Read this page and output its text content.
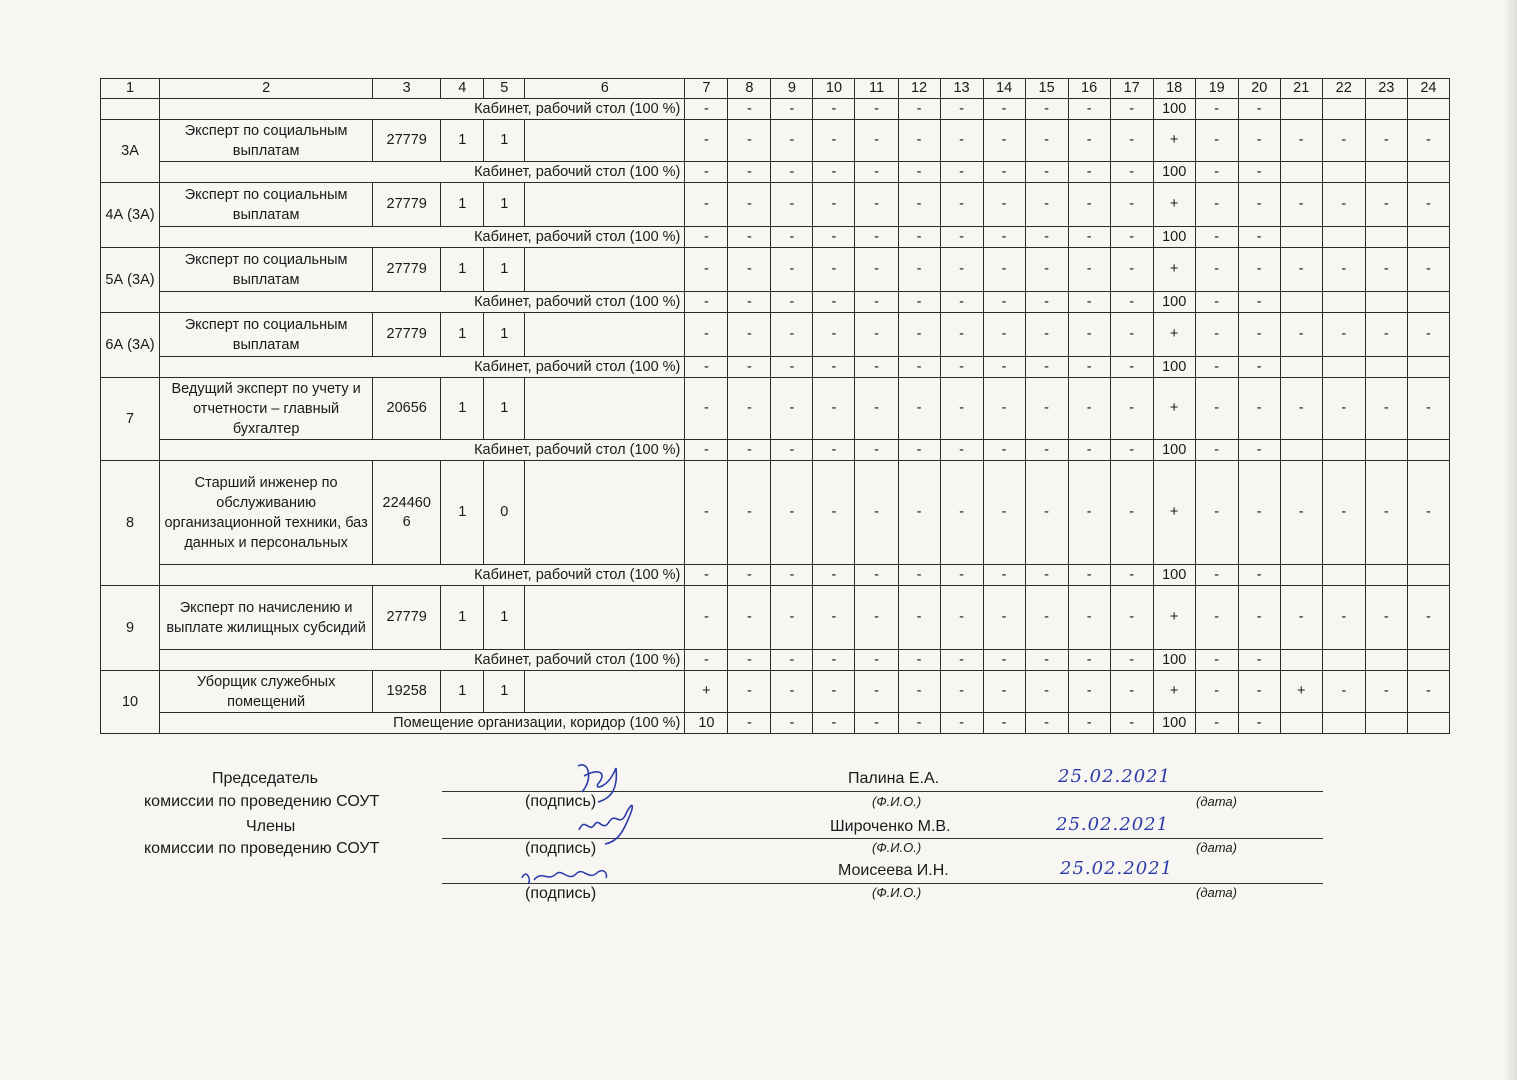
1	2	3	4	5	6	7	8	9	10	11	12	13	14	15	16	17	18	19	20	21	22	23	24
	Кабинет, рабочий стол (100 %)					-	-	-	-	-	-	-	-	-	-	-	100	-	-				
3А	Эксперт по социальным выплатам	27779	1	1		-	-	-	-	-	-	-	-	-	-	-	+	-	-	-	-	-	-
	Кабинет, рабочий стол (100 %)					-	-	-	-	-	-	-	-	-	-	-	100	-	-				
4А (3А)	Эксперт по социальным выплатам	27779	1	1		-	-	-	-	-	-	-	-	-	-	-	+	-	-	-	-	-	-
	Кабинет, рабочий стол (100 %)					-	-	-	-	-	-	-	-	-	-	-	100	-	-				
5А (3А)	Эксперт по социальным выплатам	27779	1	1		-	-	-	-	-	-	-	-	-	-	-	+	-	-	-	-	-	-
	Кабинет, рабочий стол (100 %)					-	-	-	-	-	-	-	-	-	-	-	100	-	-				
6А (3А)	Эксперт по социальным выплатам	27779	1	1		-	-	-	-	-	-	-	-	-	-	-	+	-	-	-	-	-	-
	Кабинет, рабочий стол (100 %)					-	-	-	-	-	-	-	-	-	-	-	100	-	-				
7	Ведущий эксперт по учету и отчетности – главный бухгалтер	20656	1	1		-	-	-	-	-	-	-	-	-	-	-	+	-	-	-	-	-	-
	Кабинет, рабочий стол (100 %)					-	-	-	-	-	-	-	-	-	-	-	100	-	-				
8	Старший инженер по обслуживанию организационной техники, баз данных и персональных	2244606	1	0		-	-	-	-	-	-	-	-	-	-	-	+	-	-	-	-	-	-
	Кабинет, рабочий стол (100 %)					-	-	-	-	-	-	-	-	-	-	-	100	-	-				
9	Эксперт по начислению и выплате жилищных субсидий	27779	1	1		-	-	-	-	-	-	-	-	-	-	-	+	-	-	-	-	-	-
	Кабинет, рабочий стол (100 %)					-	-	-	-	-	-	-	-	-	-	-	100	-	-				
10	Уборщик служебных помещений	19258	1	1		+	-	-	-	-	-	-	-	-	-	-	+	-	-	+	-	-	-
	Помещение организации, коридор (100 %)					10	-	-	-	-	-	-	-	-	-	-	100	-	-				
Председатель
комиссии по проведению СОУТ
Члены
комиссии по проведению СОУТ
Палина Е.А.	25.02.2021
(подпись)	(Ф.И.О.)	(дата)
Широченко М.В.	25.02.2021
(подпись)	(Ф.И.О.)	(дата)
Моисеева И.Н.	25.02.2021
(подпись)	(Ф.И.О.)	(дата)
